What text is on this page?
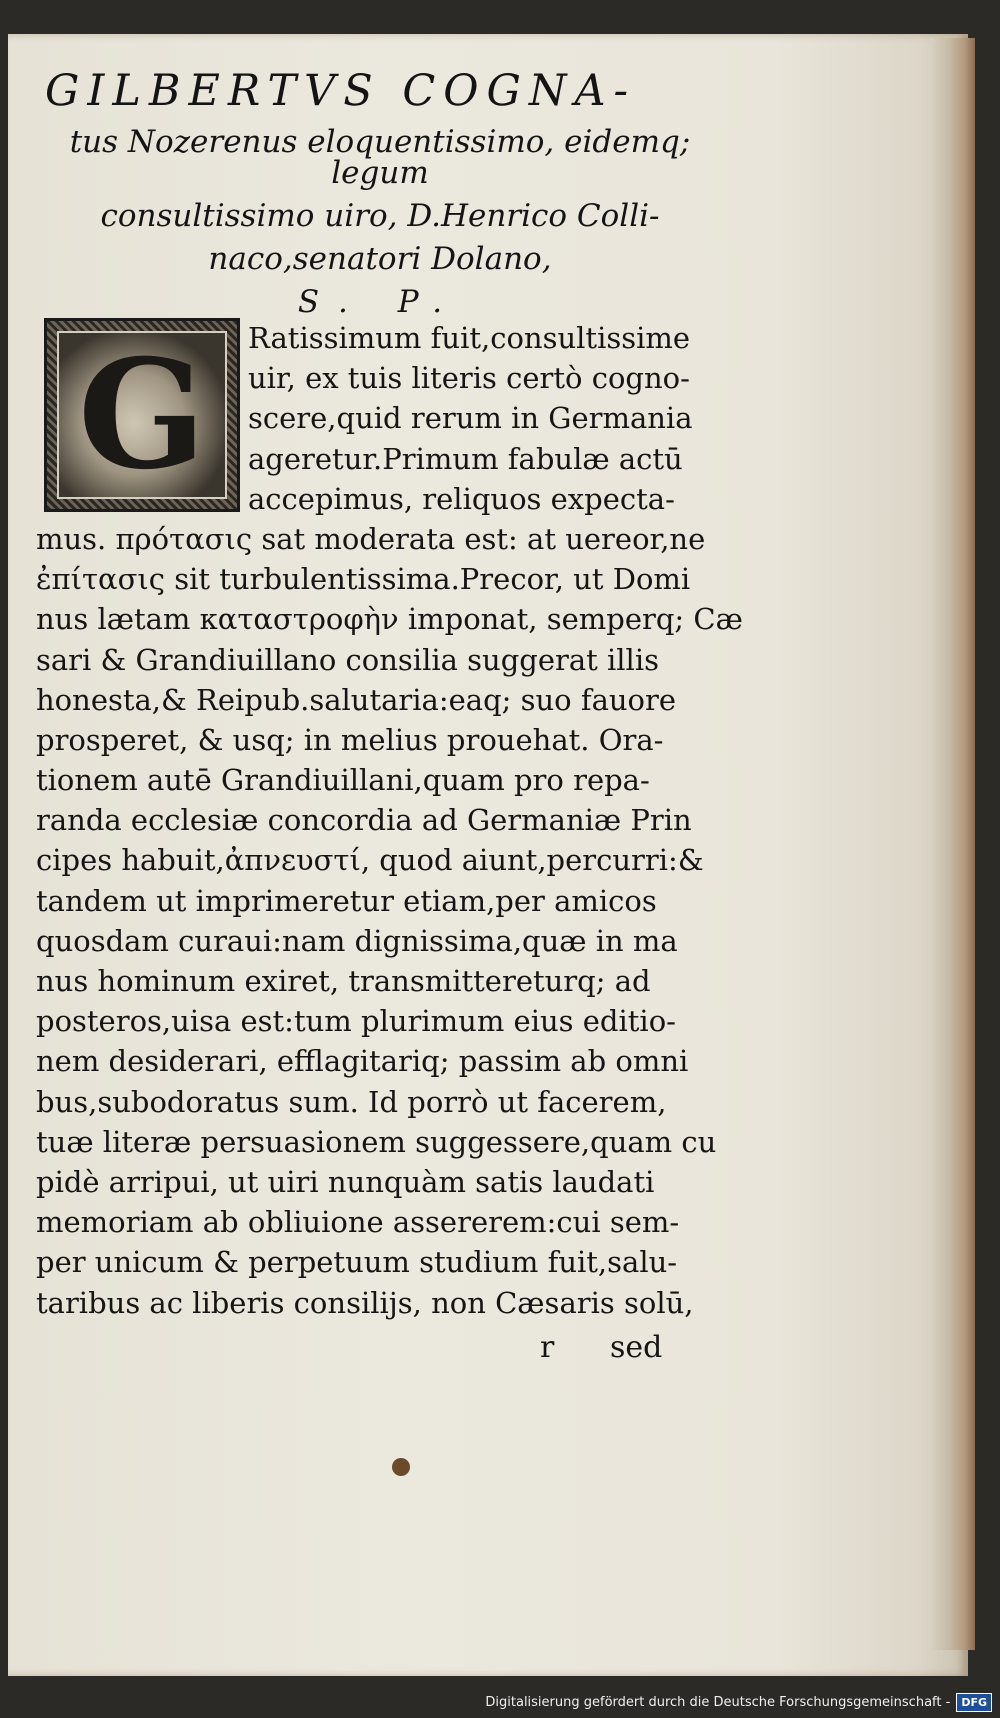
GILBERTVS COGNA-
tus Nozerenus eloquentissimo, eidemq; legum
consultissimo uiro, D.Henrico Colli-
naco,senatori Dolano,
S. P.
G	Ratissimum fuit,consultissime
uir, ex tuis literis certò cogno-
scere,quid rerum in Germania
ageretur.Primum fabulæ actū
accepimus, reliquos expecta-
mus. πρότασις sat moderata est: at uereor,ne
ἐπίτασις sit turbulentissima.Precor, ut Domi
nus lætam καταστροφὴν imponat, semperq; Cæ
sari & Grandiuillano consilia suggerat illis
honesta,& Reipub.salutaria:eaq; suo fauore
prosperet, & usq; in melius prouehat. Ora-
tionem autē Grandiuillani,quam pro repa-
randa ecclesiæ concordia ad Germaniæ Prin
cipes habuit,ἀπνευστί, quod aiunt,percurri:&
tandem ut imprimeretur etiam,per amicos
quosdam curaui:nam dignissima,quæ in ma
nus hominum exiret, transmittereturq; ad
posteros,uisa est:tum plurimum eius editio-
nem desiderari, efflagitariq; passim ab omni
bus,subodoratus sum. Id porrò ut facerem,
tuæ literæ persuasionem suggessere,quam cu
pidè arripui, ut uiri nunquàm satis laudati
memoriam ab obliuione assererem:cui sem-
per unicum & perpetuum studium fuit,salu-
taribus ac liberis consilijs, non Cæsaris solū,
r sed
Digitalisierung gefördert durch die Deutsche Forschungsgemeinschaft -	DFG
